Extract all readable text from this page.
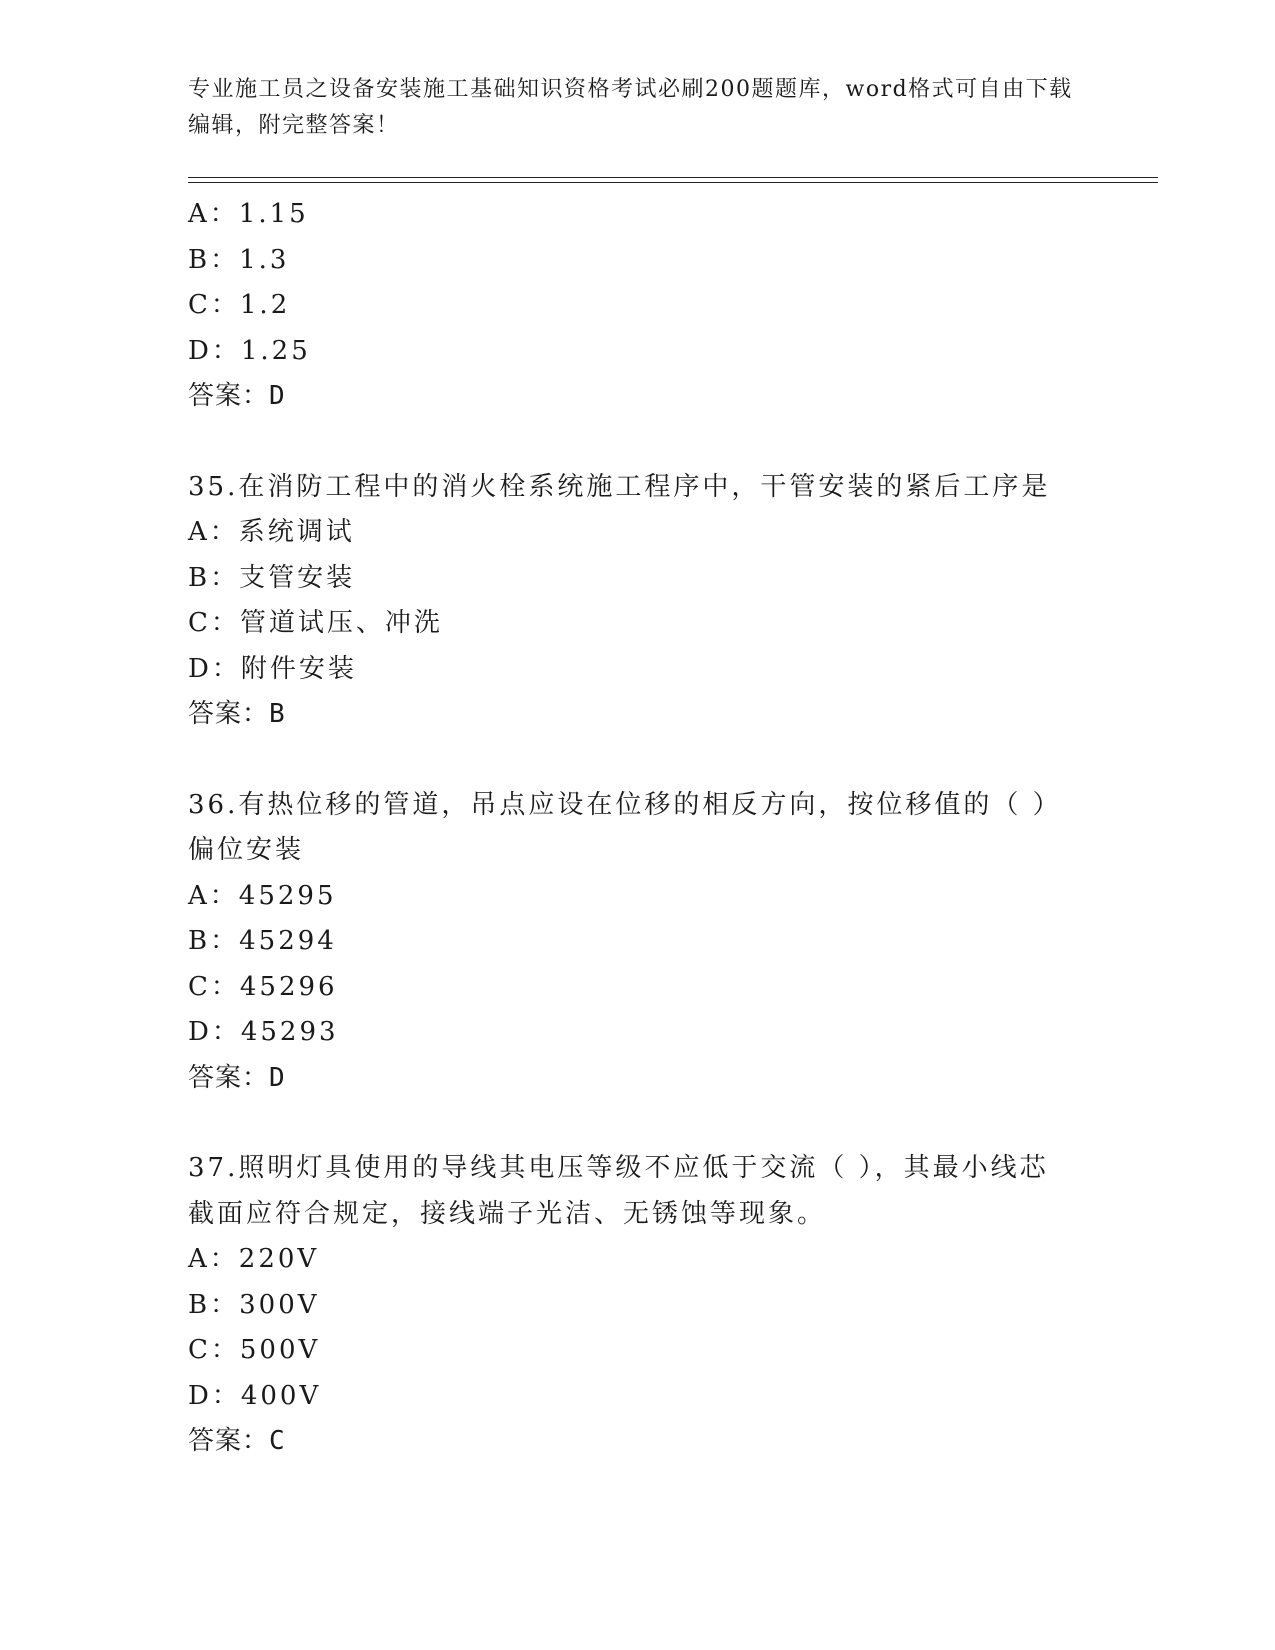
专业施工员之设备安装施工基础知识资格考试必刷200题题库，word格式可自由下载编辑，附完整答案！
A：1.15
B：1.3
C：1.2
D：1.25
答案：D
35.在消防工程中的消火栓系统施工程序中，干管安装的紧后工序是
A：系统调试
B：支管安装
C：管道试压、冲洗
D：附件安装
答案：B
36.有热位移的管道，吊点应设在位移的相反方向，按位移值的（ ）偏位安装
A：45295
B：45294
C：45296
D：45293
答案：D
37.照明灯具使用的导线其电压等级不应低于交流（ ），其最小线芯截面应符合规定，接线端子光洁、无锈蚀等现象。
A：220V
B：300V
C：500V
D：400V
答案：C
